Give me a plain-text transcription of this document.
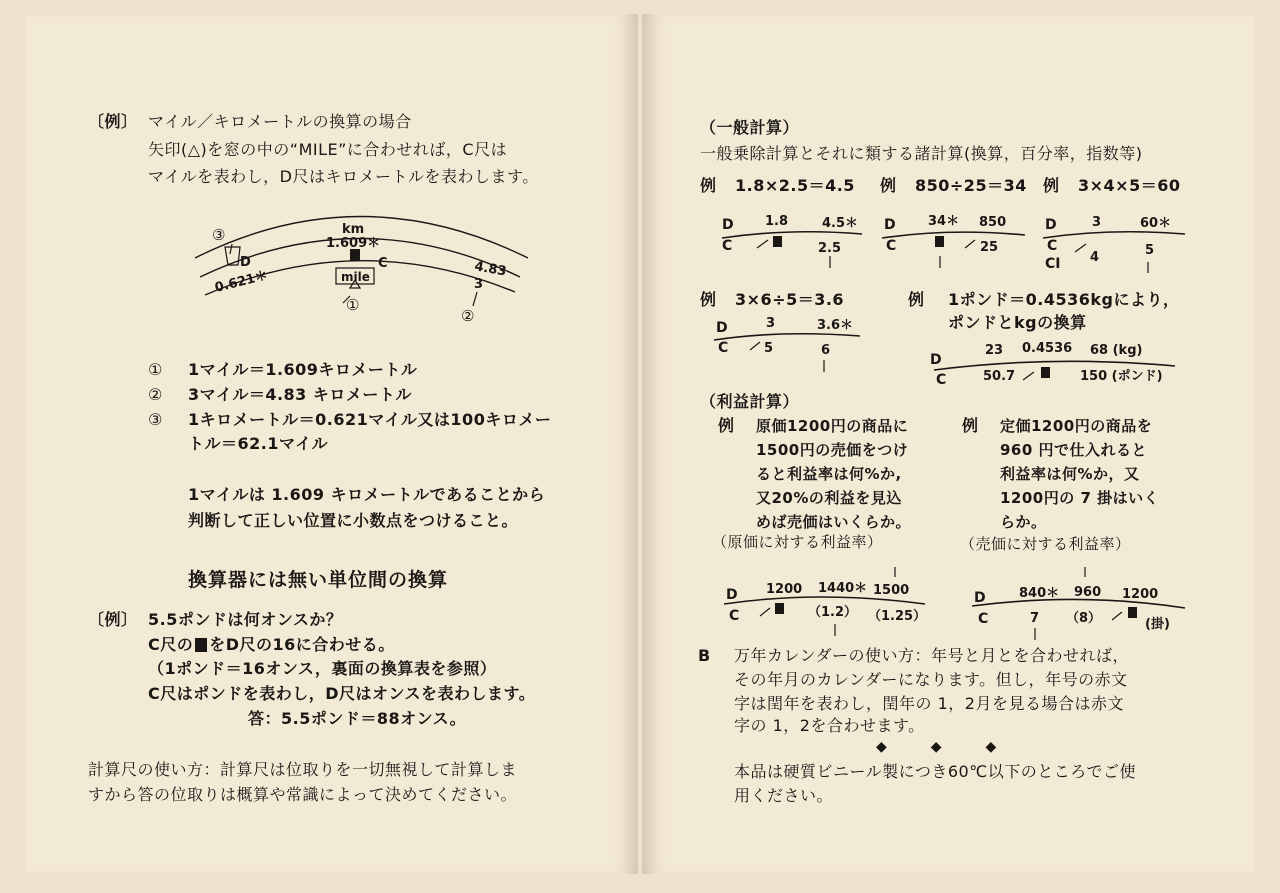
〔例〕 マイル／キロメートルの換算の場合
矢印(△)を窓の中の“MILE”に合わせれば，C尺は
マイルを表わし，D尺はキロメートルを表わします。
km
1.609＊
D	C
0.621＊	4.83
3
mile
①
②
③
① 1マイル＝1.609キロメートル
② 3マイル＝4.83 キロメートル
③ 1キロメートル＝0.621マイル又は100キロメー
トル＝62.1マイル
1マイルは 1.609 キロメートルであることから
判断して正しい位置に小数点をつけること。
換算器には無い単位間の換算
〔例〕 5.5ポンドは何オンスか？
C尺の をD尺の16に合わせる。
（1ポンド＝16オンス，裏面の換算表を参照）
C尺はポンドを表わし，D尺はオンスを表わします。
答：5.5ポンド＝88オンス。
計算尺の使い方：計算尺は位取りを一切無視して計算しま
すから答の位取りは概算や常識によって決めてください。
（一般計算）
一般乗除計算とそれに類する諸計算(換算，百分率，指数等)
例 1.8×2.5＝4.5 例 850÷25＝34 例 3×4×5＝60
D
C
1.8	4.5＊
2.5
D
C
34＊ 850
25
D
C
CI
3	60＊
4	5
例 3×6÷5＝3.6
D
C
3	3.6＊
5	6
例 1ポンド＝0.4536kgにより，
ポンドとkgの換算
D
C
23 0.4536 68 (kg)
50.7	150 (ポンド)
（利益計算）
例 原価1200円の商品に
1500円の売価をつけ
ると利益率は何%か,
又20%の利益を見込
めば売価はいくらか。
（原価に対する利益率）
例 定価1200円の商品を
960 円で仕入れると
利益率は何%か，又
1200円の 7 掛はいく
らか。
（売価に対する利益率）
D
C
1200 1440＊ 1500
（1.2） （1.25）
D
C
840＊ 960 1200
7 （8）	(掛)
B 万年カレンダーの使い方：年号と月とを合わせれば，
その年月のカレンダーになります。但し，年号の赤文
字は閏年を表わし，閏年の 1，2月を見る場合は赤文
字の 1，2を合わせます。
◆　　　◆　　　◆
本品は硬質ビニール製につき60℃以下のところでご使
用ください。
